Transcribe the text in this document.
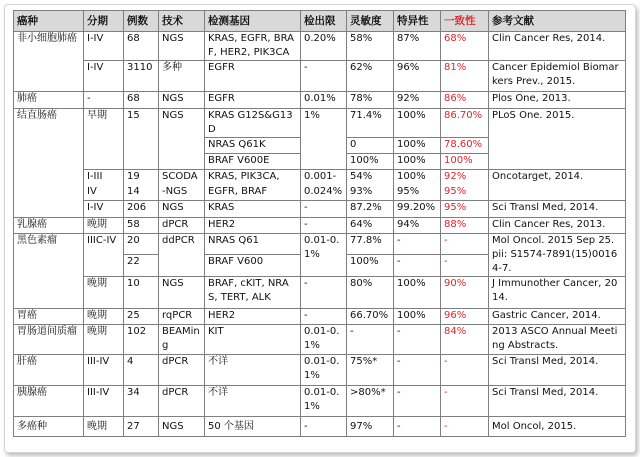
癌种	分期	例数	技术	检测基因	检出限	灵敏度	特异性	一致性	参考文献
非小细胞肺癌	I-IV	68	NGS	KRAS, EGFR, BRAF, HER2, PIK3CA	0.20%	58%	87%	68%	Clin Cancer Res, 2014.
	I-IV	3110	多种	EGFR	-	62%	96%	81%	Cancer Epidemiol Biomarkers Prev., 2015.
肺癌	-	68	NGS	EGFR	0.01%	78%	92%	86%	Plos One, 2013.
结直肠癌	早期	15	NGS	KRAS G12S&G13D	1%	71.4%	100%	86.70%	PLoS One. 2015.
				NRAS Q61K		0	100%	78.60%	
				BRAF V600E		100%	100%	100%	
	I-III	19	SCODA	KRAS, PIK3CA,	0.001-	54%	100%	92%	Oncotarget, 2014.
	IV	14	-NGS	EGFR, BRAF	0.024%	93%	95%	95%	
	I-IV	206	NGS	KRAS	-	87.2%	99.20%	95%	Sci Transl Med, 2014.
乳腺癌	晚期	58	dPCR	HER2	-	64%	94%	88%	Clin Cancer Res, 2013.
黑色素瘤	IIIC-IV	20	ddPCR	NRAS Q61	0.01-0.1%	77.8%	-	-	Mol Oncol. 2015 Sep 25. pii: S1574-7891(15)00164-7.
		22		BRAF V600		100%	-	-	
	晚期	10	NGS	BRAF, cKIT, NRAS, TERT, ALK	-	80%	100%	90%	J Immunother Cancer, 2014.
胃癌	晚期	25	rqPCR	HER2	-	66.70%	100%	96%	Gastric Cancer, 2014.
胃肠道间质瘤	晚期	102	BEAMing	KIT	0.01-0.1%	-	-	84%	2013 ASCO Annual Meeting Abstracts.
肝癌	III-IV	4	dPCR	不详	0.01-0.1%	75%*	-	-	Sci Transl Med, 2014.
胰腺癌	III-IV	34	dPCR	不详	0.01-0.1%	>80%*	-	-	Sci Transl Med, 2014.
多癌种	晚期	27	NGS	50 个基因	-	97%	-	-	Mol Oncol, 2015.
